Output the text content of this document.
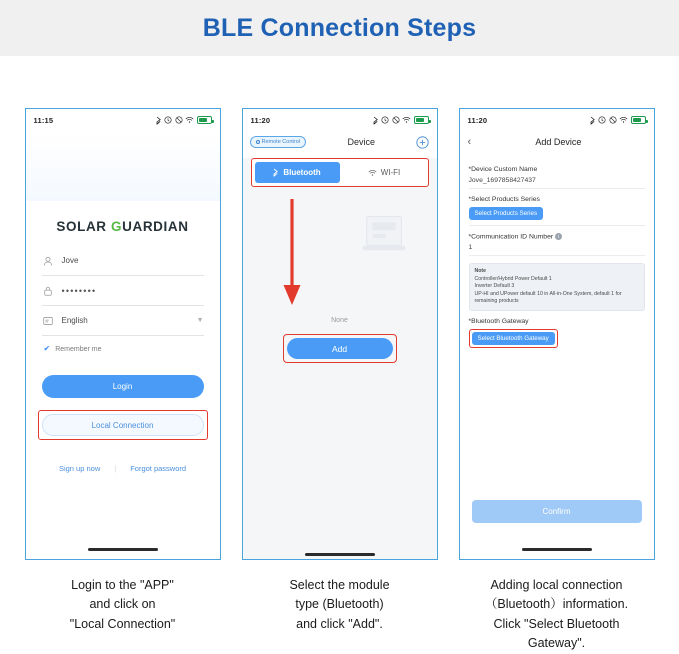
BLE Connection Steps
11:15
SOLAR GUARDIAN
Jove
••••••••
English	▼
✔ Remember me
Login
Local Connection
Sign up now | Forgot password
11:20
Remote Control	Device
Bluetooth	WI-FI
None
Add
11:20
‹	Add Device
*Device Custom Name
Jove_1697858427437
*Select Products Series
Select Products Series
*Communication ID Number i
1
Note
Controller/Hybrid Power Default 1
Inverter Default 3
UP-HI and UPower default 10 in All-in-One System, default 1 for
remaining products
*Bluetooth Gateway
Select Bluetooth Gateway
Confirm
Login to the "APP"
and click on
"Local Connection"
Select the module
type (Bluetooth)
and click "Add".
Adding local connection
（Bluetooth）information.
Click "Select Bluetooth
Gateway".
